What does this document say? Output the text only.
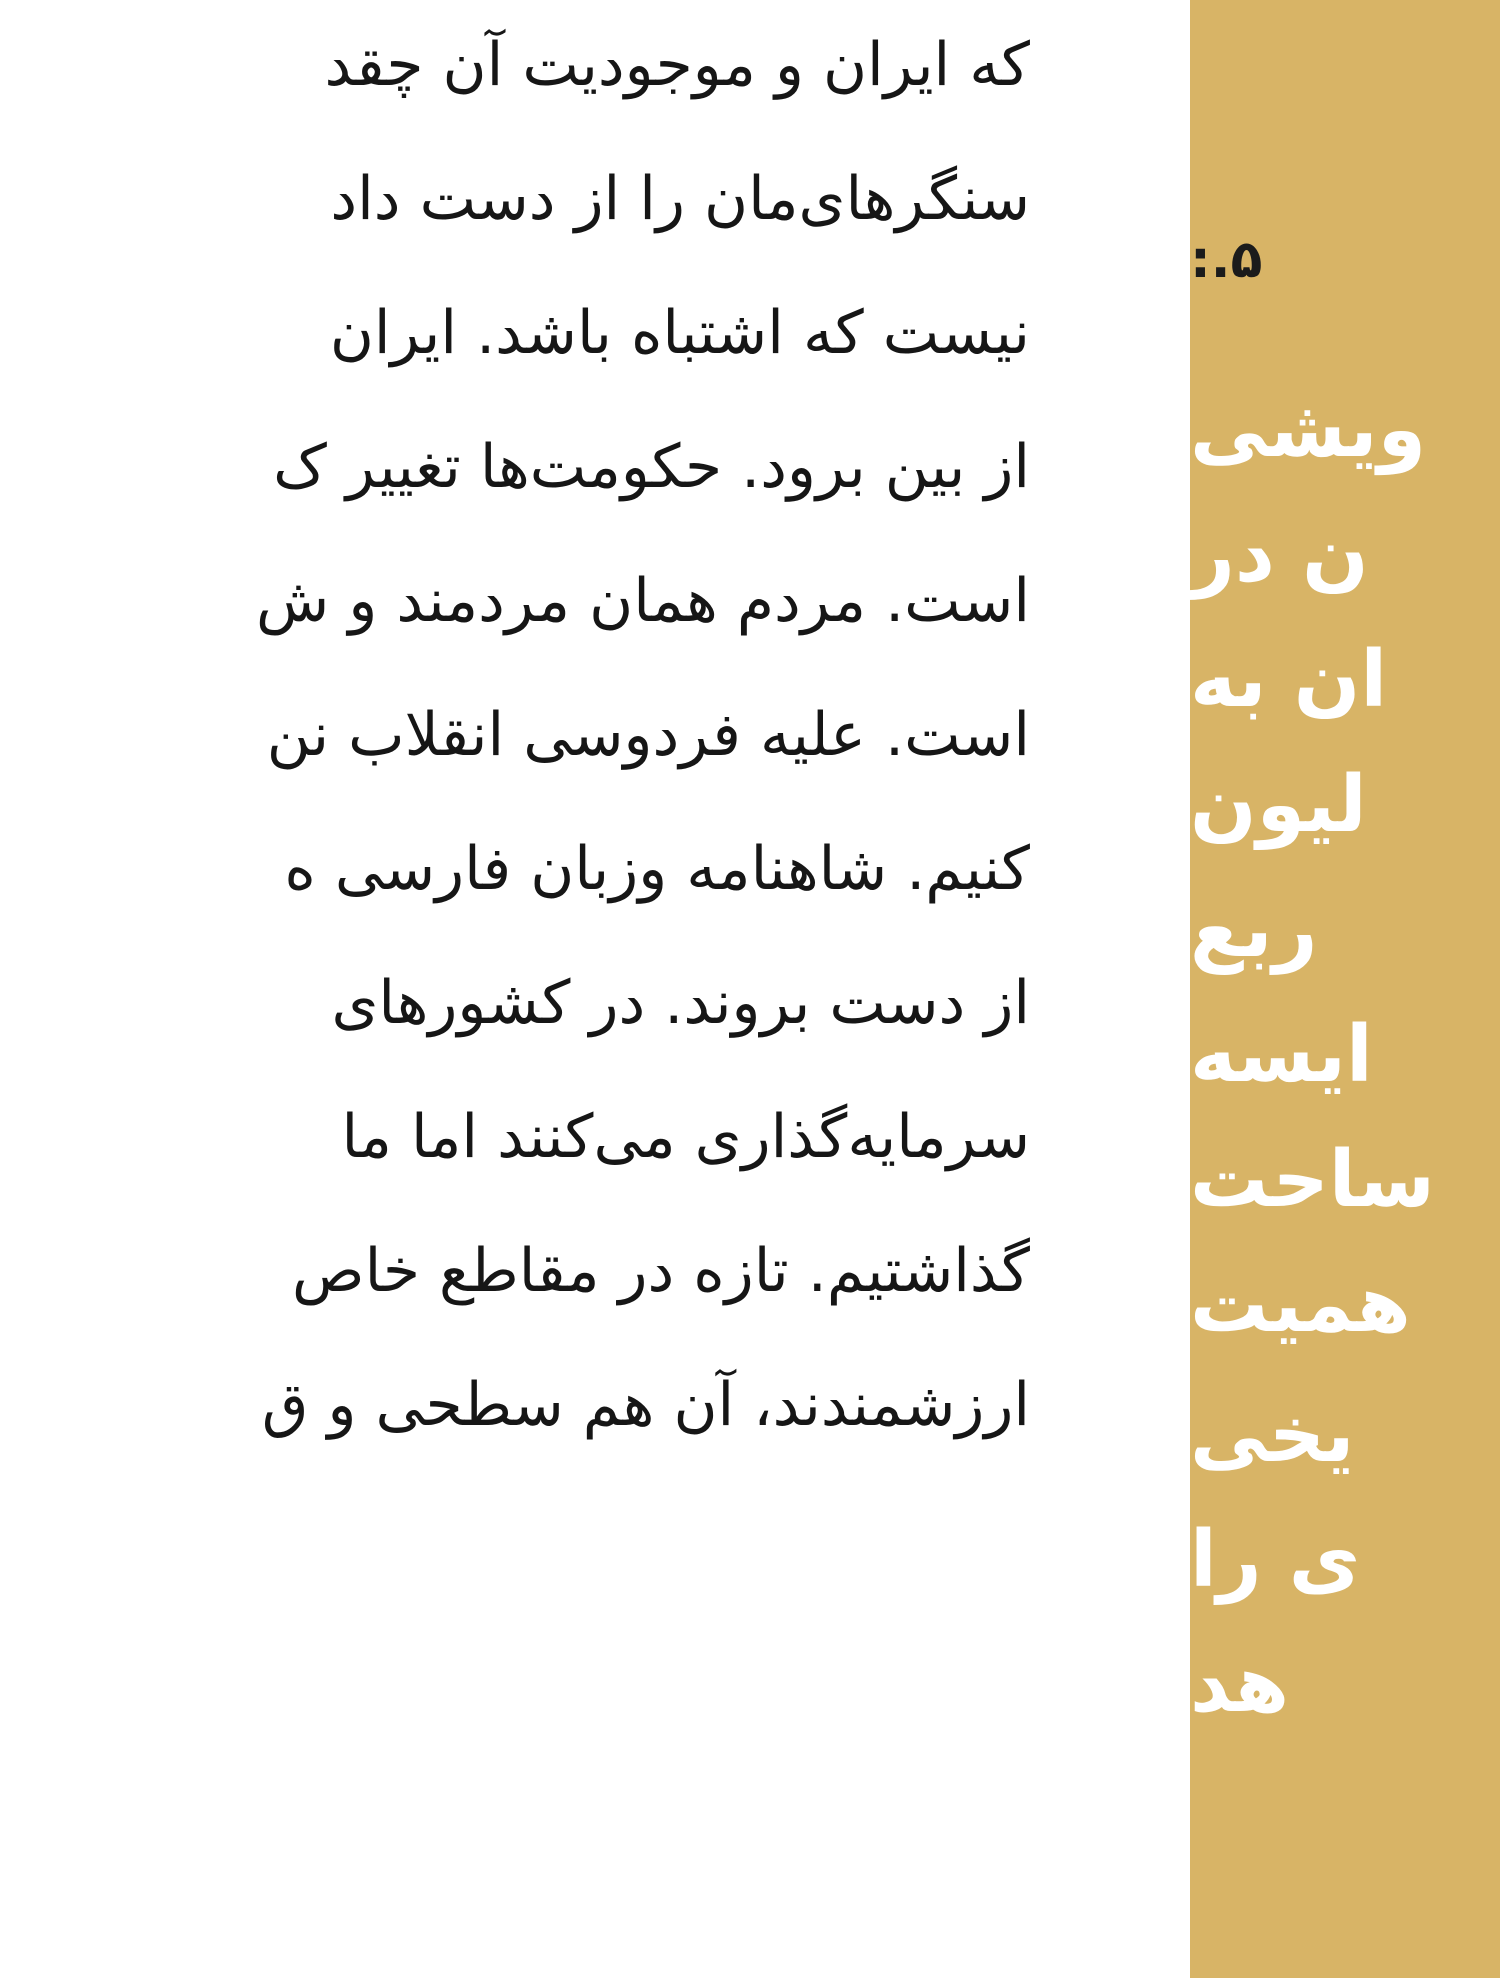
که ایران و موجودیت آن چقد
سنگرهای‌مان را از دست داد
نیست که اشتباه باشد. ایران
از بین برود. حکومت‌ها تغییر ک
است. مردم همان مردمند و ش
است. علیه فردوسی انقلاب نن
کنیم. شاهنامه وزبان فارسی ه
از دست بروند. در کشورهای
سرمایه‌گذاری می‌کنند اما ما
گذاشتیم. تازه در مقاطع خاص
ارزشمندند، آن هم سطحی و ق
۵.:
ویشی
ن در
ان به
لیون
ربع
ایسه
ساحت
همیت
یخی
ی را
هد
